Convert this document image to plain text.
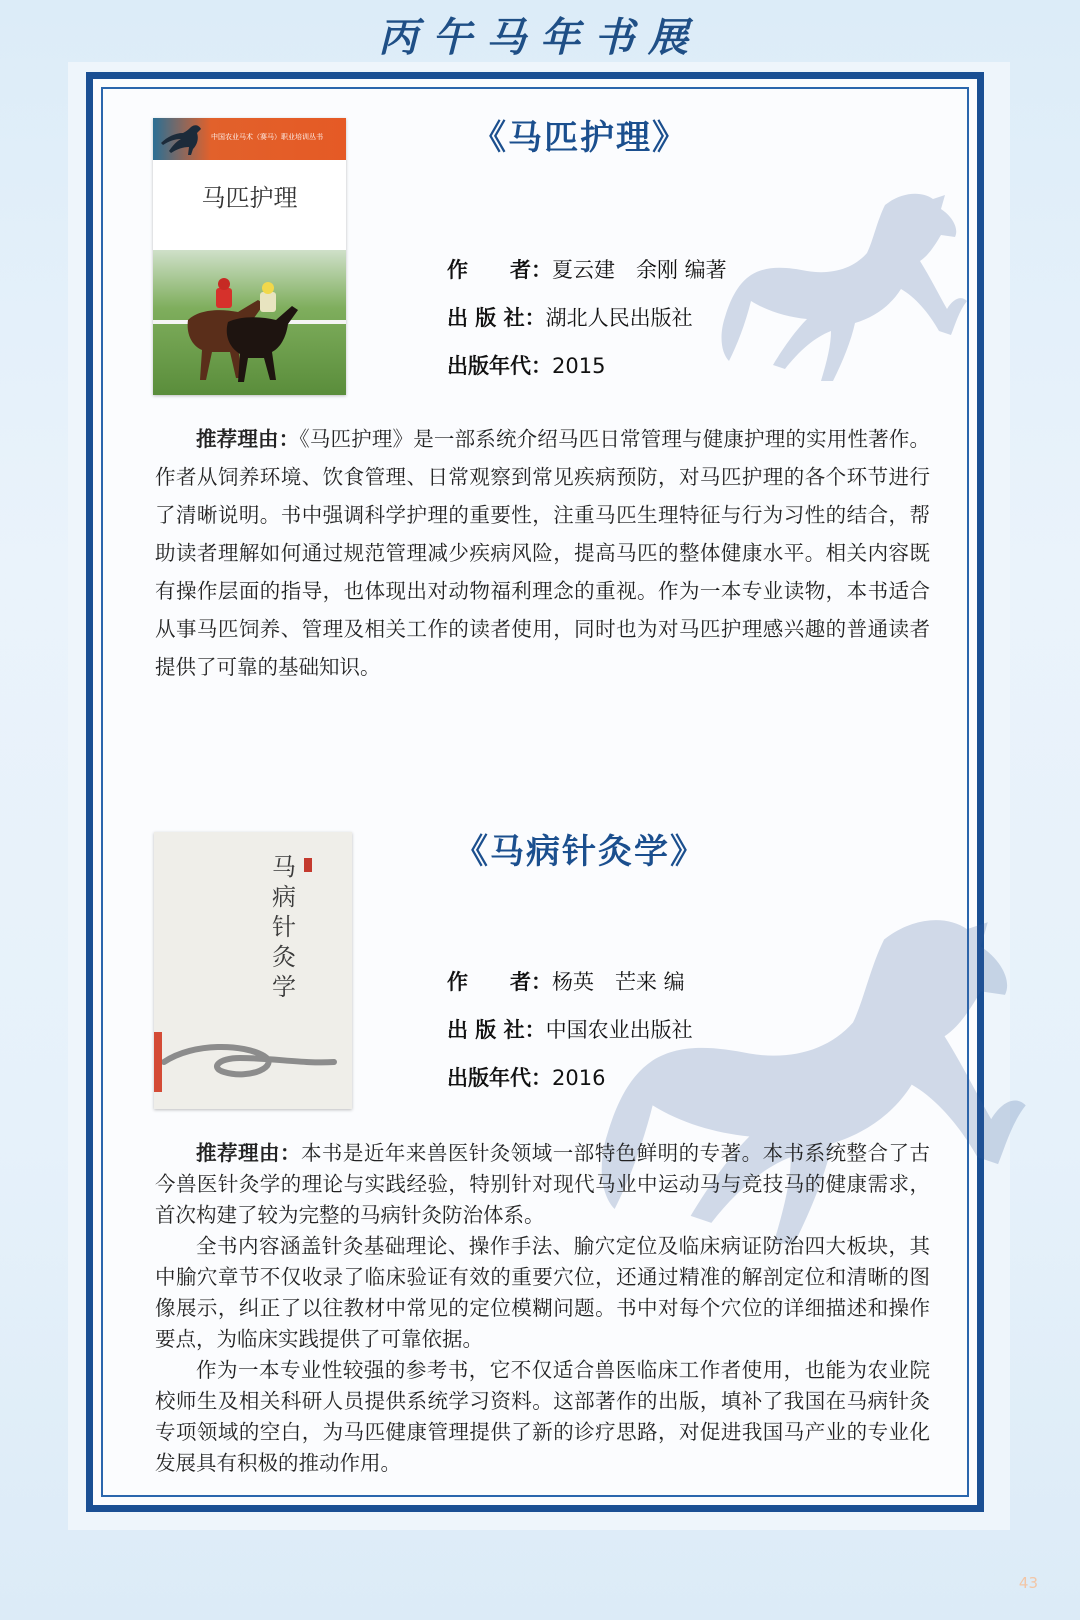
丙午马年书展
中国农业马术（赛马）职业培训丛书
马匹护理
《马匹护理》
作　　者：夏云建　余刚 编著
出 版 社：湖北人民出版社
出版年代：2015

推荐理由：《马匹护理》是一部系统介绍马匹日常管理与健康护理的实用性著作。作者从饲养环境、饮食管理、日常观察到常见疾病预防，对马匹护理的各个环节进行了清晰说明。书中强调科学护理的重要性，注重马匹生理特征与行为习性的结合，帮助读者理解如何通过规范管理减少疾病风险，提高马匹的整体健康水平。相关内容既有操作层面的指导，也体现出对动物福利理念的重视。作为一本专业读物，本书适合从事马匹饲养、管理及相关工作的读者使用，同时也为对马匹护理感兴趣的普通读者提供了可靠的基础知识。

马病针灸学
《马病针灸学》
作　　者：杨英　芒来 编
出 版 社：中国农业出版社
出版年代：2016

推荐理由：本书是近年来兽医针灸领域一部特色鲜明的专著。本书系统整合了古今兽医针灸学的理论与实践经验，特别针对现代马业中运动马与竞技马的健康需求，首次构建了较为完整的马病针灸防治体系。

全书内容涵盖针灸基础理论、操作手法、腧穴定位及临床病证防治四大板块，其中腧穴章节不仅收录了临床验证有效的重要穴位，还通过精准的解剖定位和清晰的图像展示，纠正了以往教材中常见的定位模糊问题。书中对每个穴位的详细描述和操作要点，为临床实践提供了可靠依据。

作为一本专业性较强的参考书，它不仅适合兽医临床工作者使用，也能为农业院校师生及相关科研人员提供系统学习资料。这部著作的出版，填补了我国在马病针灸专项领域的空白，为马匹健康管理提供了新的诊疗思路，对促进我国马产业的专业化发展具有积极的推动作用。

43
